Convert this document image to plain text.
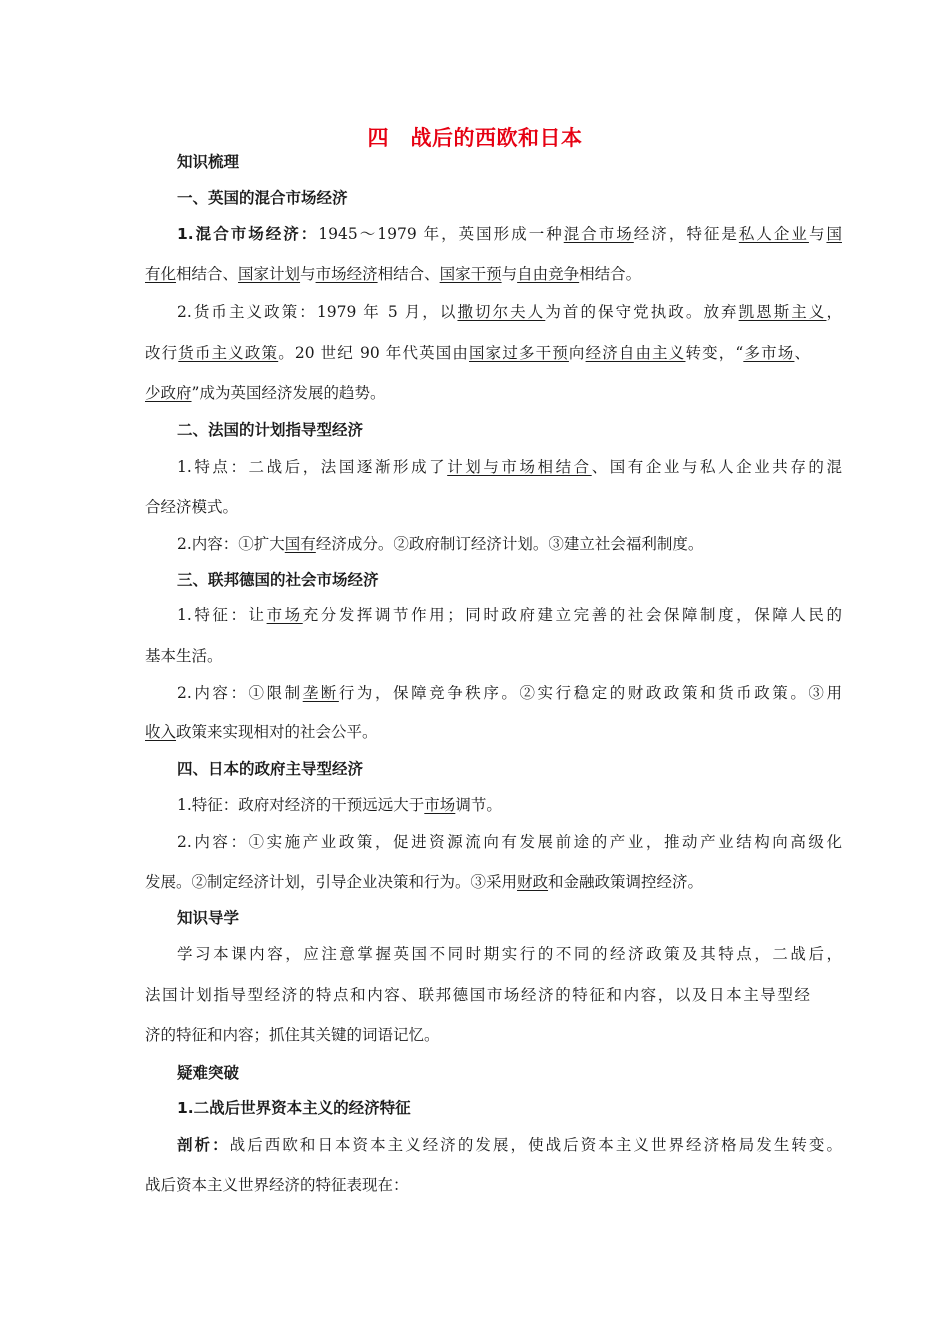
四　战后的西欧和日本
知识梳理
一、英国的混合市场经济
1.混合市场经济：1945～1979 年，英国形成一种混合市场经济，特征是私人企业与国
有化相结合、国家计划与市场经济相结合、国家干预与自由竞争相结合。
2.货币主义政策：1979 年 5 月，以撒切尔夫人为首的保守党执政。放弃凯恩斯主义，
改行货币主义政策。20 世纪 90 年代英国由国家过多干预向经济自由主义转变，“多市场、
少政府”成为英国经济发展的趋势。
二、法国的计划指导型经济
1.特点：二战后，法国逐渐形成了计划与市场相结合、国有企业与私人企业共存的混
合经济模式。
2.内容：①扩大国有经济成分。②政府制订经济计划。③建立社会福利制度。
三、联邦德国的社会市场经济
1.特征：让市场充分发挥调节作用；同时政府建立完善的社会保障制度，保障人民的
基本生活。
2.内容：①限制垄断行为，保障竞争秩序。②实行稳定的财政政策和货币政策。③用
收入政策来实现相对的社会公平。
四、日本的政府主导型经济
1.特征：政府对经济的干预远远大于市场调节。
2.内容：①实施产业政策，促进资源流向有发展前途的产业，推动产业结构向高级化
发展。②制定经济计划，引导企业决策和行为。③采用财政和金融政策调控经济。
知识导学
学习本课内容，应注意掌握英国不同时期实行的不同的经济政策及其特点，二战后，
法国计划指导型经济的特点和内容、联邦德国市场经济的特征和内容，以及日本主导型经
济的特征和内容；抓住其关键的词语记忆。
疑难突破
1.二战后世界资本主义的经济特征
剖析：战后西欧和日本资本主义经济的发展，使战后资本主义世界经济格局发生转变。
战后资本主义世界经济的特征表现在：
